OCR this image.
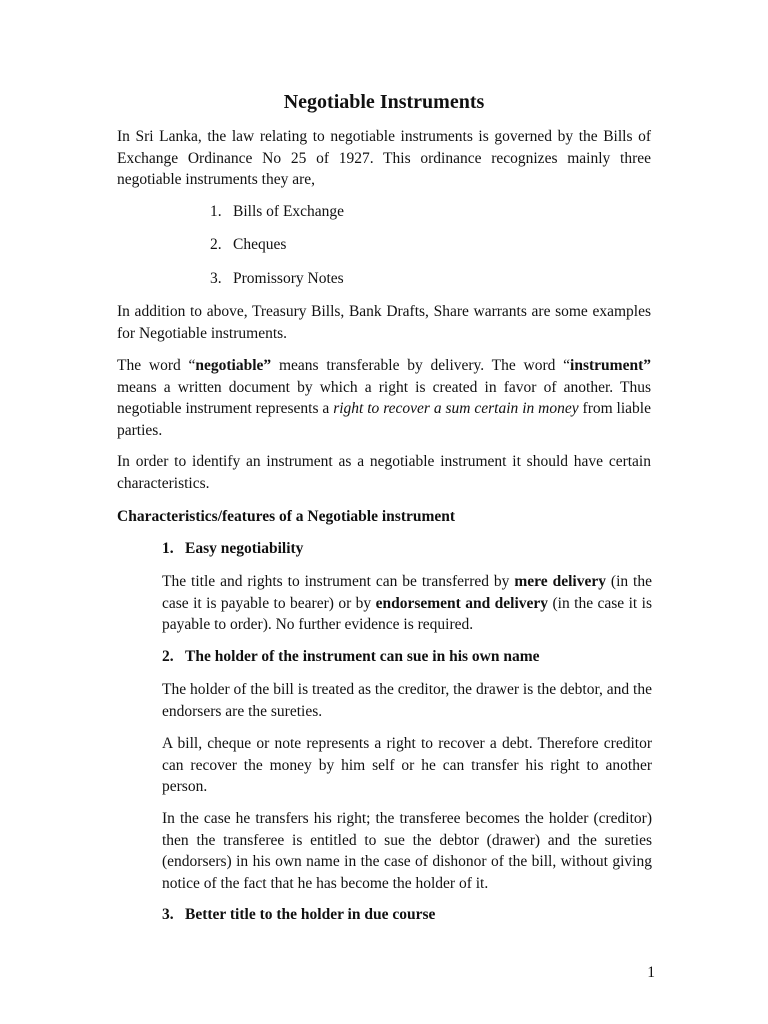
Negotiable Instruments

In Sri Lanka, the law relating to negotiable instruments is governed by the Bills of Exchange Ordinance No 25 of 1927. This ordinance recognizes mainly three negotiable instruments they are,

1. Bills of Exchange
2. Cheques
3. Promissory Notes

In addition to above, Treasury Bills, Bank Drafts, Share warrants are some examples for Negotiable instruments.

The word “negotiable” means transferable by delivery. The word “instrument” means a written document by which a right is created in favor of another. Thus negotiable instrument represents a right to recover a sum certain in money from liable parties.

In order to identify an instrument as a negotiable instrument it should have certain characteristics.

Characteristics/features of a Negotiable instrument
1. Easy negotiability

The title and rights to instrument can be transferred by mere delivery (in the case it is payable to bearer) or by endorsement and delivery (in the case it is payable to order). No further evidence is required.

2. The holder of the instrument can sue in his own name

The holder of the bill is treated as the creditor, the drawer is the debtor, and the endorsers are the sureties.

A bill, cheque or note represents a right to recover a debt. Therefore creditor can recover the money by him self or he can transfer his right to another person.

In the case he transfers his right; the transferee becomes the holder (creditor) then the transferee is entitled to sue the debtor (drawer) and the sureties (endorsers) in his own name in the case of dishonor of the bill, without giving notice of the fact that he has become the holder of it.

3. Better title to the holder in due course
1
